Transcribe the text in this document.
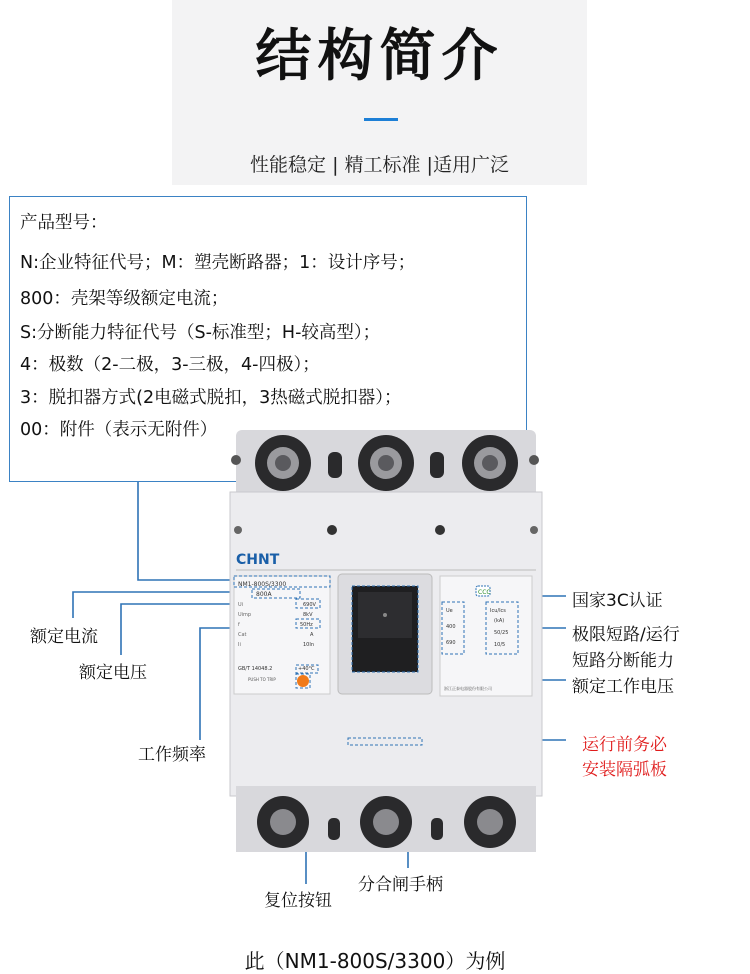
结构简介
性能稳定 | 精工标准 |适用广泛
产品型号：
N:企业特征代号；M：塑壳断路器；1：设计序号；
800：壳架等级额定电流；
S:分断能力特征代号（S-标准型；H-较高型）；
4：极数（2-二极，3-三极，4-四极）；
3：脱扣器方式(2电磁式脱扣，3热磁式脱扣器）；
00：附件（表示无附件）
CHNT
NM1-800S/3300
800A
Ui	690V
Uimp	8kV
f	50Hz
Cat	A
Ii	10In
GB/T 14048.2	+40°C
PUSH TO TRIP
CCC
Ue
400
690
Icu/Ics
(kA)
50/25
10/5
浙江正泰电器股份有限公司
额定电流
额定电压
工作频率
复位按钮
分合闸手柄
国家3C认证
极限短路/运行
短路分断能力
额定工作电压
运行前务必
安装隔弧板
此（NM1-800S/3300）为例
